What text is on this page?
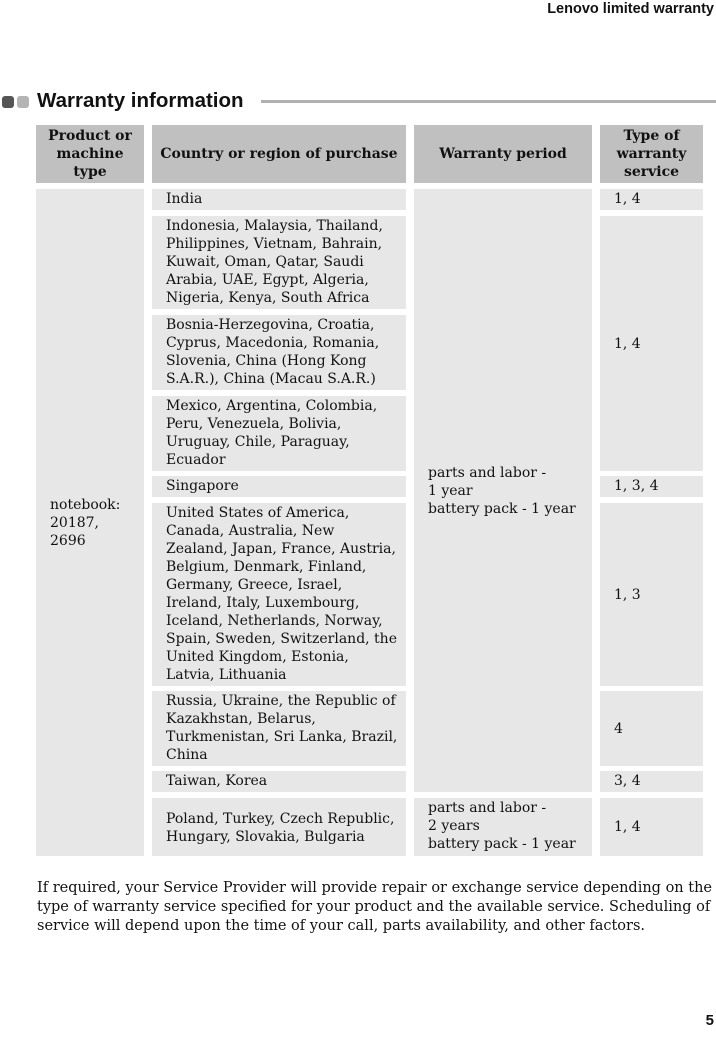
Lenovo limited warranty
Warranty information
Product or machine type
Country or region of purchase	Warranty period
Type of warranty service
notebook: 20187, 2696
India
Indonesia, Malaysia, Thailand, Philippines, Vietnam, Bahrain, Kuwait, Oman, Qatar, Saudi Arabia, UAE, Egypt, Algeria, Nigeria, Kenya, South Africa
Bosnia-Herzegovina, Croatia, Cyprus, Macedonia, Romania, Slovenia, China (Hong Kong S.A.R.), China (Macau S.A.R.)
Mexico, Argentina, Colombia, Peru, Venezuela, Bolivia, Uruguay, Chile, Paraguay, Ecuador
Singapore
United States of America, Canada, Australia, New Zealand, Japan, France, Austria, Belgium, Denmark, Finland, Germany, Greece, Israel, Ireland, Italy, Luxembourg, Iceland, Netherlands, Norway, Spain, Sweden, Switzerland, the United Kingdom, Estonia, Latvia, Lithuania
Russia, Ukraine, the Republic of Kazakhstan, Belarus, Turkmenistan, Sri Lanka, Brazil, China
Taiwan, Korea
Poland, Turkey, Czech Republic, Hungary, Slovakia, Bulgaria
parts and labor -
1 year
battery pack - 1 year
parts and labor -
2 years
battery pack - 1 year
1, 4
1, 4
1, 3, 4
1, 3
4
3, 4
1, 4
If required, your Service Provider will provide repair or exchange service depending on the type of warranty service specified for your product and the available service. Scheduling of service will depend upon the time of your call, parts availability, and other factors.
5
